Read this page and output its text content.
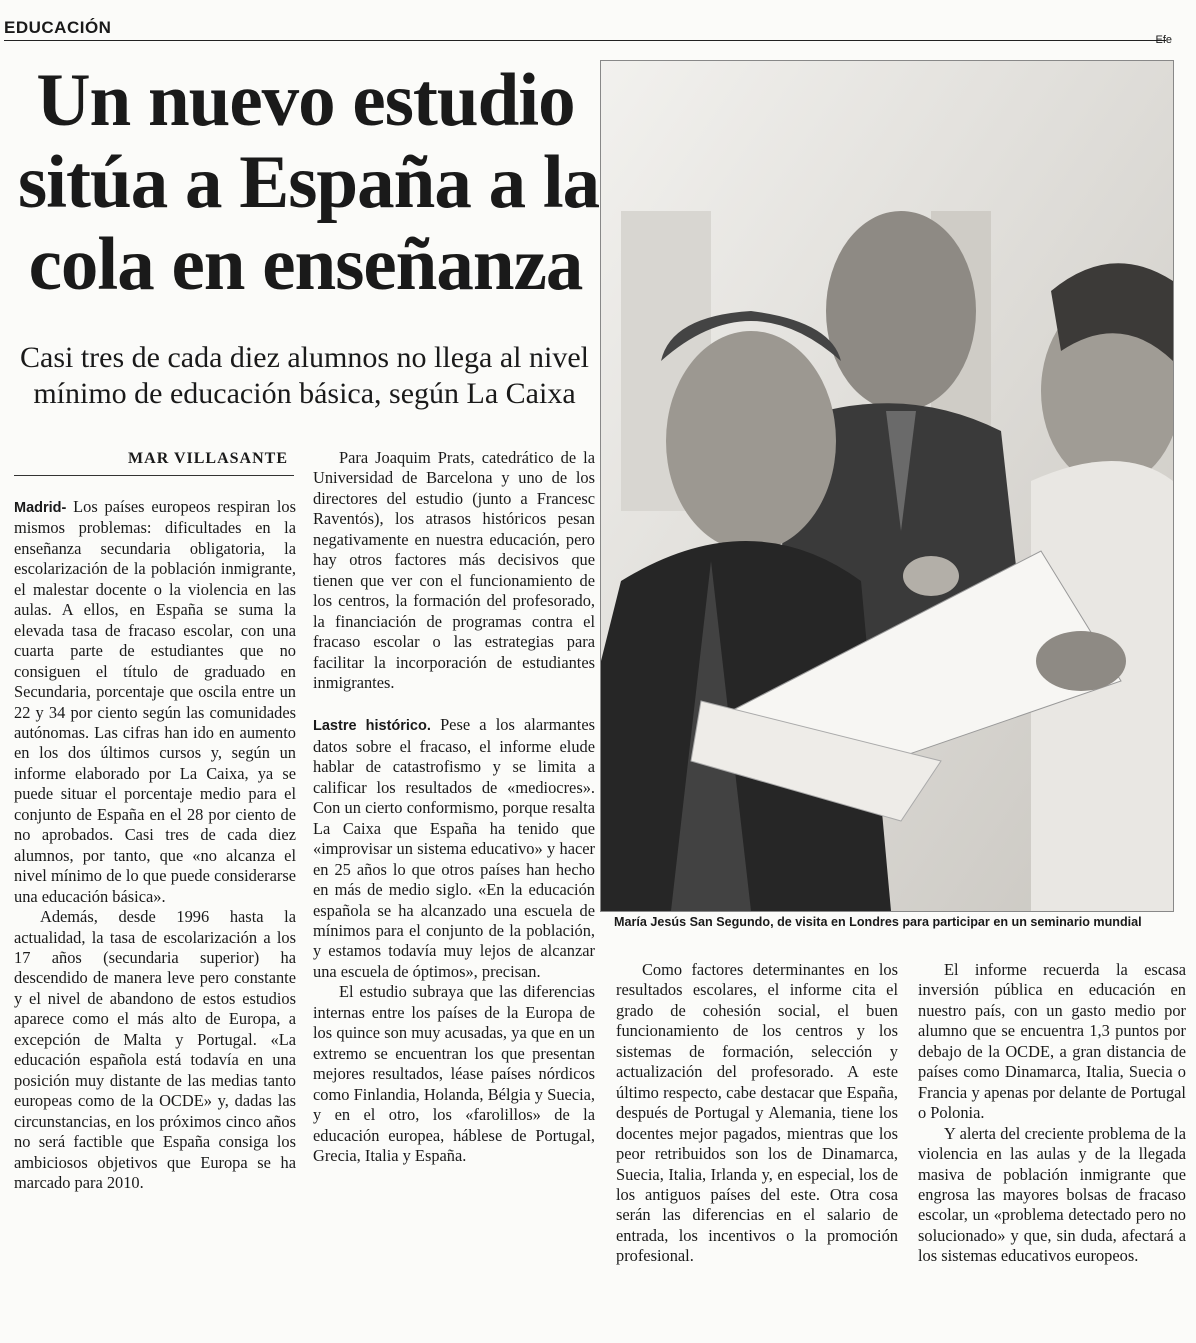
EDUCACIÓN
Efe
Un nuevo estudio
sitúa a España a la
cola en enseñanza
Casi tres de cada diez alumnos no llega al nivel
mínimo de educación básica, según La Caixa
MAR VILLASANTE

Madrid- Los países europeos respiran los mismos problemas: dificultades en la enseñanza secundaria obligatoria, la escolarización de la población inmigrante, el malestar docente o la violencia en las aulas. A ellos, en España se suma la elevada tasa de fracaso escolar, con una cuarta parte de estudiantes que no consiguen el título de graduado en Secundaria, porcentaje que oscila entre un 22 y 34 por ciento según las comunidades autónomas. Las cifras han ido en aumento en los dos últimos cursos y, según un informe elaborado por La Caixa, ya se puede situar el porcentaje medio para el conjunto de España en el 28 por ciento de no aprobados. Casi tres de cada diez alumnos, por tanto, que «no alcanza el nivel mínimo de lo que puede considerarse una educación básica».

Además, desde 1996 hasta la actualidad, la tasa de escolarización a los 17 años (secundaria superior) ha descendido de manera leve pero constante y el nivel de abandono de estos estudios aparece como el más alto de Europa, a excepción de Malta y Portugal. «La educación española está todavía en una posición muy distante de las medias tanto europeas como de la OCDE» y, dadas las circunstancias, en los próximos cinco años no será factible que España consiga los ambiciosos objetivos que Europa se ha marcado para 2010.

Para Joaquim Prats, catedrático de la Universidad de Barcelona y uno de los directores del estudio (junto a Francesc Raventós), los atrasos históricos pesan negativamente en nuestra educación, pero hay otros factores más decisivos que tienen que ver con el funcionamiento de los centros, la formación del profesorado, la financiación de programas contra el fracaso escolar o las estrategias para facilitar la incorporación de estudiantes inmigrantes.

Lastre histórico. Pese a los alarmantes datos sobre el fracaso, el informe elude hablar de catastrofismo y se limita a calificar los resultados de «mediocres». Con un cierto conformismo, porque resalta La Caixa que España ha tenido que «improvisar un sistema educativo» y hacer en 25 años lo que otros países han hecho en más de medio siglo. «En la educación española se ha alcanzado una escuela de mínimos para el conjunto de la población, y estamos todavía muy lejos de alcanzar una escuela de óptimos», precisan.

El estudio subraya que las diferencias internas entre los países de la Europa de los quince son muy acusadas, ya que en un extremo se encuentran los que presentan mejores resultados, léase países nórdicos como Finlandia, Holanda, Bélgia y Suecia, y en el otro, los «farolillos» de la educación europea, háblese de Portugal, Grecia, Italia y España.

María Jesús San Segundo, de visita en Londres para participar en un seminario mundial

Como factores determinantes en los resultados escolares, el informe cita el grado de cohesión social, el buen funcionamiento de los centros y los sistemas de formación, selección y actualización del profesorado. A este último respecto, cabe destacar que España, después de Portugal y Alemania, tiene los docentes mejor pagados, mientras que los peor retribuidos son los de Dinamarca, Suecia, Italia, Irlanda y, en especial, los de los antiguos países del este. Otra cosa serán las diferencias en el salario de entrada, los incentivos o la promoción profesional.

El informe recuerda la escasa inversión pública en educación en nuestro país, con un gasto medio por alumno que se encuentra 1,3 puntos por debajo de la OCDE, a gran distancia de países como Dinamarca, Italia, Suecia o Francia y apenas por delante de Portugal o Polonia.

Y alerta del creciente problema de la violencia en las aulas y de la llegada masiva de población inmigrante que engrosa las mayores bolsas de fracaso escolar, un «problema detectado pero no solucionado» y que, sin duda, afectará a los sistemas educativos europeos.
